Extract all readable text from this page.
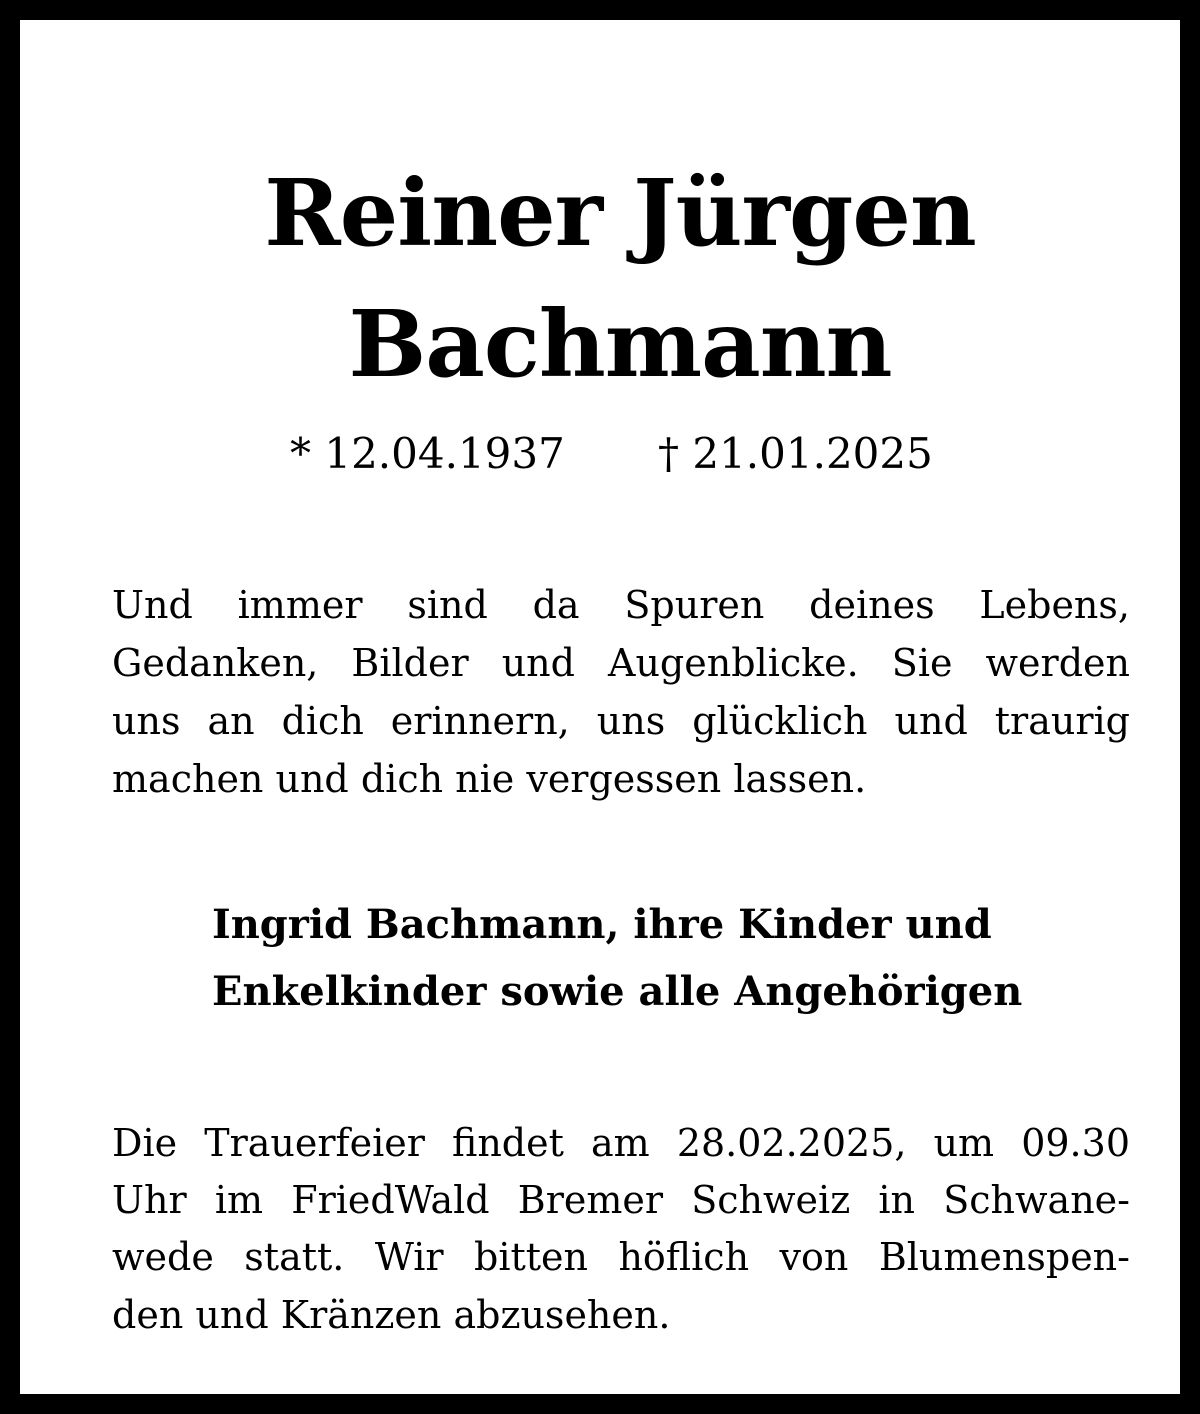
Reiner Jürgen
Bachmann
* 12.04.1937 † 21.01.2025
Und immer sind da Spuren deines Lebens,
Gedanken, Bilder und Augenblicke. Sie werden
uns an dich erinnern, uns glücklich und traurig
machen und dich nie vergessen lassen.
Ingrid Bachmann, ihre Kinder und
Enkelkinder sowie alle Angehörigen
Die Trauerfeier findet am 28.02.2025, um 09.30
Uhr im FriedWald Bremer Schweiz in Schwane-
wede statt. Wir bitten höflich von Blumenspen-
den und Kränzen abzusehen.
